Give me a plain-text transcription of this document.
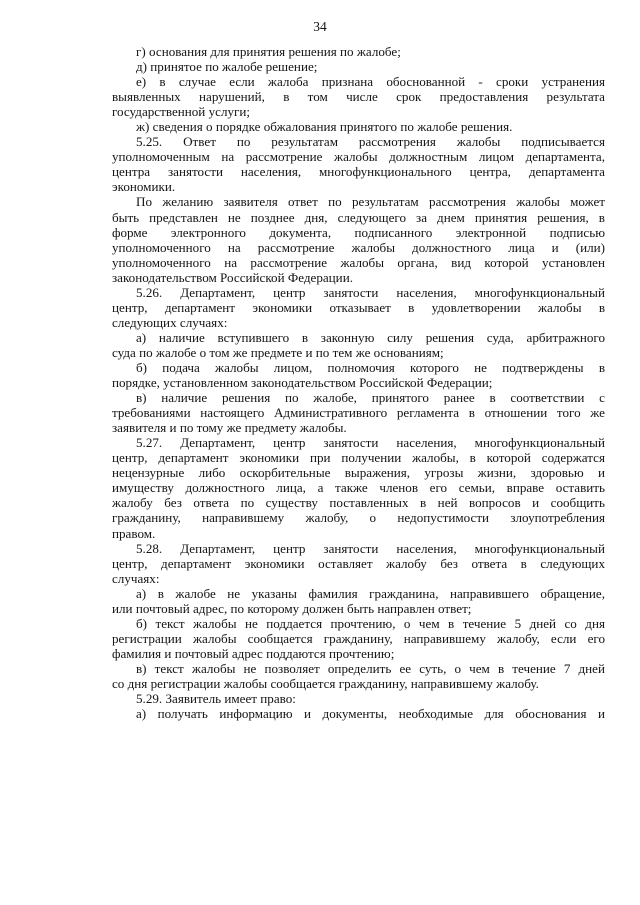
34
г) основания для принятия решения по жалобе;
д) принятое по жалобе решение;
е) в случае если жалоба признана обоснованной - сроки устранения
выявленных нарушений, в том числе срок предоставления результата
государственной услуги;
ж) сведения о порядке обжалования принятого по жалобе решения.
5.25. Ответ по результатам рассмотрения жалобы подписывается
уполномоченным на рассмотрение жалобы должностным лицом департамента,
центра занятости населения, многофункционального центра, департамента
экономики.
По желанию заявителя ответ по результатам рассмотрения жалобы может
быть представлен не позднее дня, следующего за днем принятия решения, в
форме электронного документа, подписанного электронной подписью
уполномоченного на рассмотрение жалобы должностного лица и (или)
уполномоченного на рассмотрение жалобы органа, вид которой установлен
законодательством Российской Федерации.
5.26. Департамент, центр занятости населения, многофункциональный
центр, департамент экономики отказывает в удовлетворении жалобы в
следующих случаях:
а) наличие вступившего в законную силу решения суда, арбитражного
суда по жалобе о том же предмете и по тем же основаниям;
б) подача жалобы лицом, полномочия которого не подтверждены в
порядке, установленном законодательством Российской Федерации;
в) наличие решения по жалобе, принятого ранее в соответствии с
требованиями настоящего Административного регламента в отношении того же
заявителя и по тому же предмету жалобы.
5.27. Департамент, центр занятости населения, многофункциональный
центр, департамент экономики при получении жалобы, в которой содержатся
нецензурные либо оскорбительные выражения, угрозы жизни, здоровью и
имуществу должностного лица, а также членов его семьи, вправе оставить
жалобу без ответа по существу поставленных в ней вопросов и сообщить
гражданину, направившему жалобу, о недопустимости злоупотребления
правом.
5.28. Департамент, центр занятости населения, многофункциональный
центр, департамент экономики оставляет жалобу без ответа в следующих
случаях:
а) в жалобе не указаны фамилия гражданина, направившего обращение,
или почтовый адрес, по которому должен быть направлен ответ;
б) текст жалобы не поддается прочтению, о чем в течение 5 дней со дня
регистрации жалобы сообщается гражданину, направившему жалобу, если его
фамилия и почтовый адрес поддаются прочтению;
в) текст жалобы не позволяет определить ее суть, о чем в течение 7 дней
со дня регистрации жалобы сообщается гражданину, направившему жалобу.
5.29. Заявитель имеет право:
а) получать информацию и документы, необходимые для обоснования и
